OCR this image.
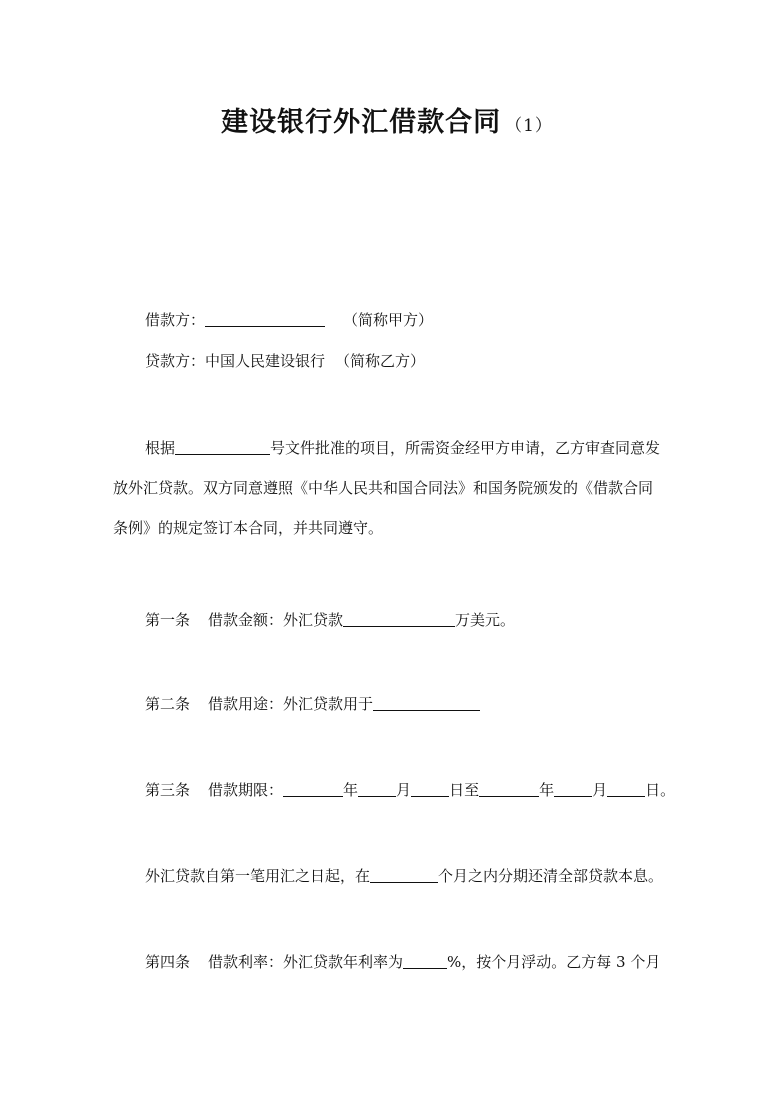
建设银行外汇借款合同 （1）
借款方：	（简称甲方）
贷款方：中国人民建设银行 （简称乙方）
根据	号文件批准的项目，所需资金经甲方申请，乙方审查同意发
放外汇贷款。双方同意遵照《中华人民共和国合同法》和国务院颁发的《借款合同
条例》的规定签订本合同，并共同遵守。
第一条 借款金额：外汇贷款	万美元。
第二条 借款用途：外汇贷款用于
第三条 借款期限：	年	月	日至	年	月	日。
外汇贷款自第一笔用汇之日起，在	个月之内分期还清全部贷款本息。
第四条 借款利率：外汇贷款年利率为	%，按个月浮动。乙方每 3 个月
